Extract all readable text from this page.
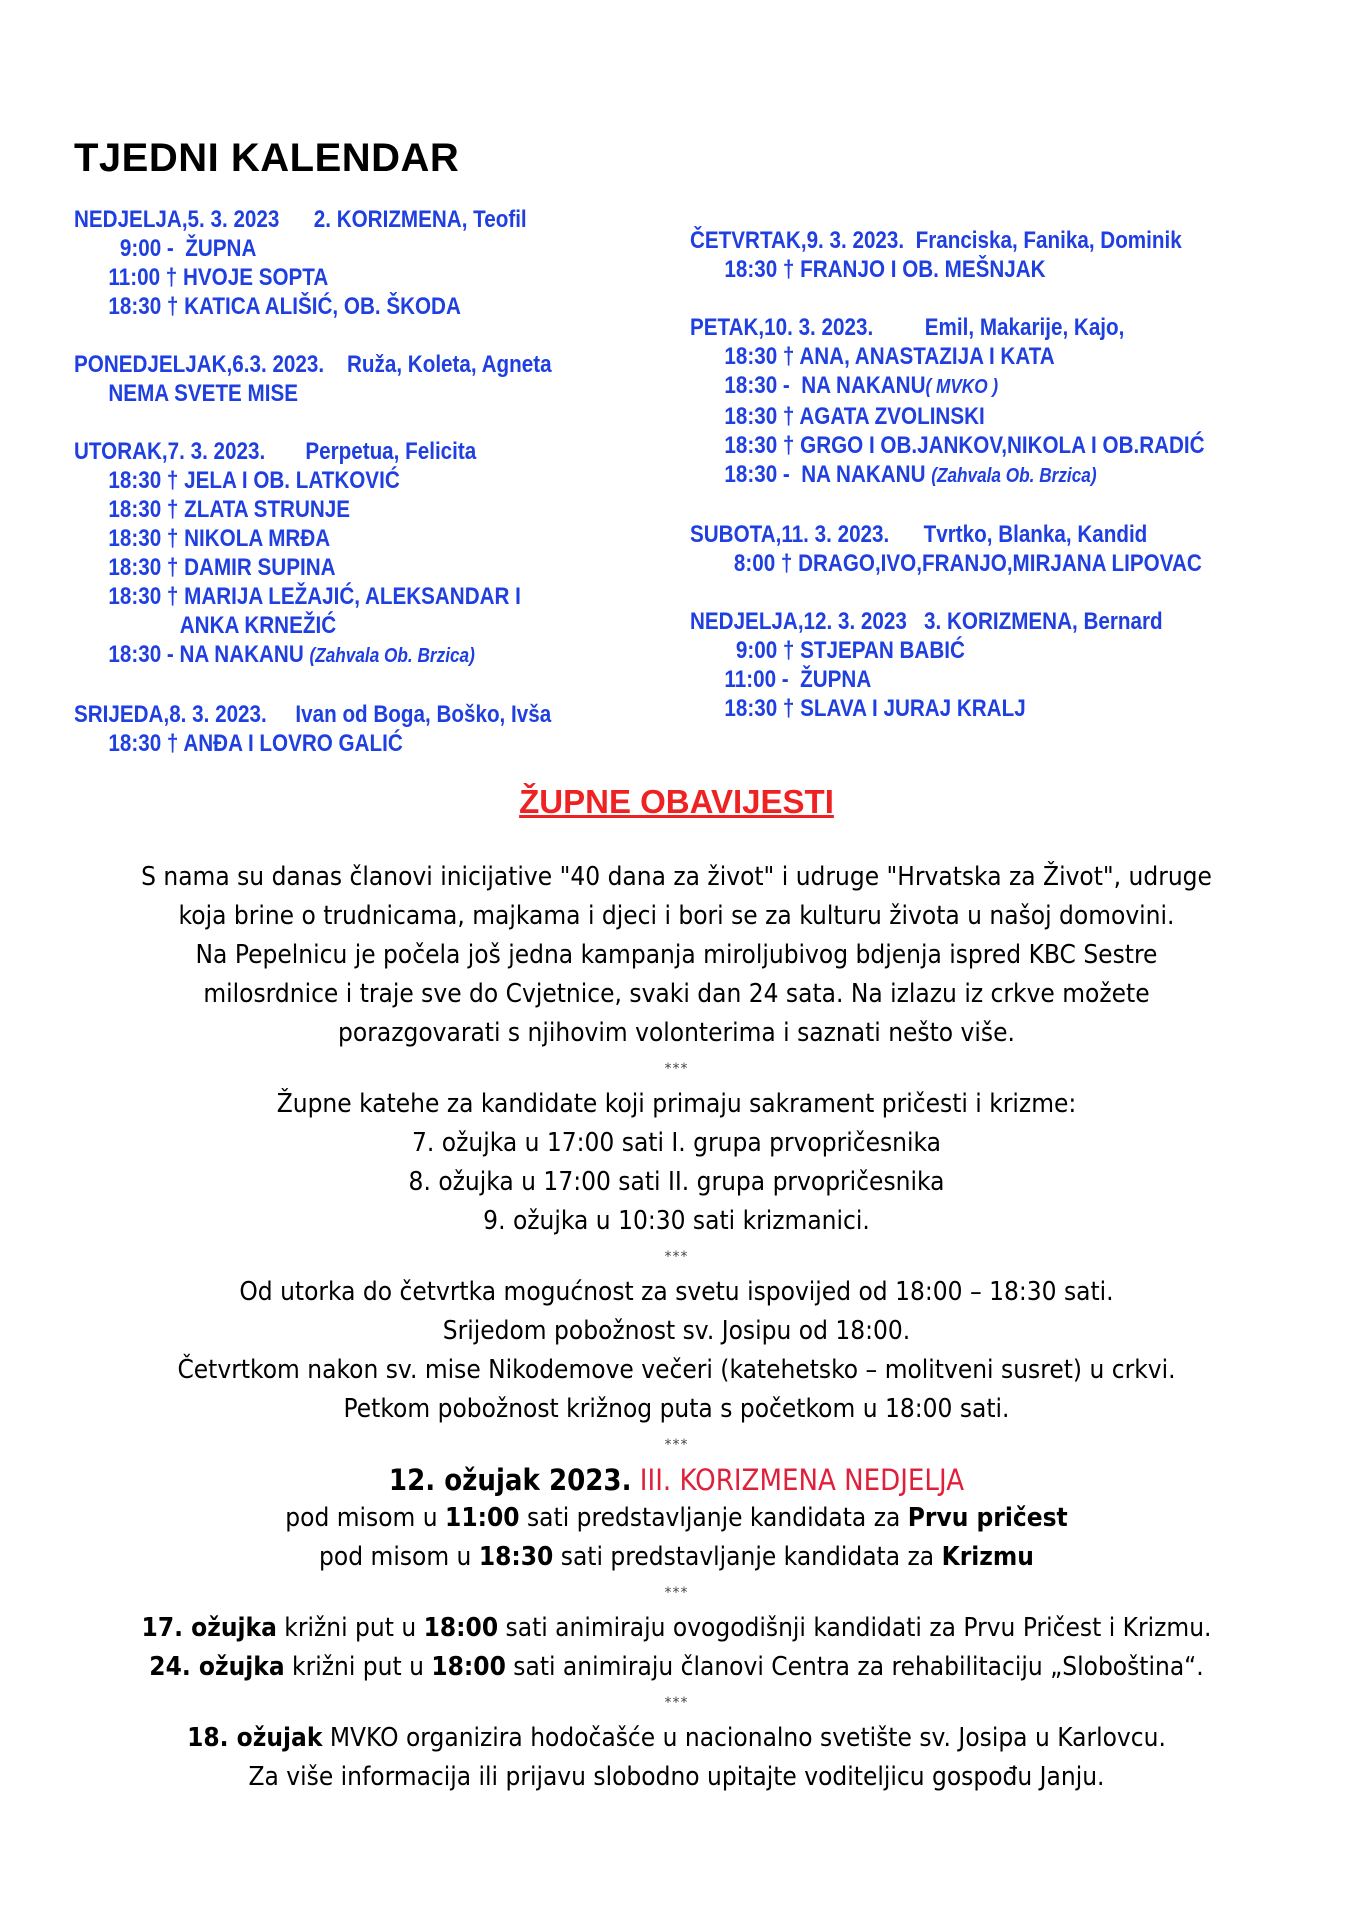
TJEDNI KALENDAR
NEDJELJA,5. 3. 2023      2. KORIZMENA, Teofil
9:00 -  ŽUPNA
11:00 † HVOJE SOPTA
18:30 † KATICA ALIŠIĆ, OB. ŠKODA
PONEDJELJAK,6.3. 2023.    Ruža, Koleta, Agneta
NEMA SVETE MISE
UTORAK,7. 3. 2023.       Perpetua, Felicita
18:30 † JELA I OB. LATKOVIĆ
18:30 † ZLATA STRUNJE
18:30 † NIKOLA MRĐA
18:30 † DAMIR SUPINA
18:30 † MARIJA LEŽAJIĆ, ALEKSANDAR I
ANKA KRNEŽIĆ
18:30 - NA NAKANU (Zahvala Ob. Brzica)
SRIJEDA,8. 3. 2023.     Ivan od Boga, Boško, Ivša
18:30 † ANĐA I LOVRO GALIĆ
ČETVRTAK,9. 3. 2023.  Franciska, Fanika, Dominik
18:30 † FRANJO I OB. MEŠNJAK
PETAK,10. 3. 2023.         Emil, Makarije, Kajo,
18:30 † ANA, ANASTAZIJA I KATA
18:30 -  NA NAKANU( MVKO )
18:30 † AGATA ZVOLINSKI
18:30 † GRGO I OB.JANKOV,NIKOLA I OB.RADIĆ
18:30 -  NA NAKANU (Zahvala Ob. Brzica)
SUBOTA,11. 3. 2023.      Tvrtko, Blanka, Kandid
8:00 † DRAGO,IVO,FRANJO,MIRJANA LIPOVAC
NEDJELJA,12. 3. 2023   3. KORIZMENA, Bernard
9:00 † STJEPAN BABIĆ
11:00 -  ŽUPNA
18:30 † SLAVA I JURAJ KRALJ
ŽUPNE OBAVIJESTI
S nama su danas članovi inicijative "40 dana za život" i udruge "Hrvatska za Život", udruge
koja brine o trudnicama, majkama i djeci i bori se za kulturu života u našoj domovini.
Na Pepelnicu je počela još jedna kampanja miroljubivog bdjenja ispred KBC Sestre
milosrdnice i traje sve do Cvjetnice, svaki dan 24 sata. Na izlazu iz crkve možete
porazgovarati s njihovim volonterima i saznati nešto više.
***
Župne katehe za kandidate koji primaju sakrament pričesti i krizme:
7. ožujka u 17:00 sati I. grupa prvopričesnika
8. ožujka u 17:00 sati II. grupa prvopričesnika
9. ožujka u 10:30 sati krizmanici.
***
Od utorka do četvrtka mogućnost za svetu ispovijed od 18:00 – 18:30 sati.
Srijedom pobožnost sv. Josipu od 18:00.
Četvrtkom nakon sv. mise Nikodemove večeri (katehetsko – molitveni susret) u crkvi.
Petkom pobožnost križnog puta s početkom u 18:00 sati.
***
12. ožujak 2023. III. KORIZMENA NEDJELJA
pod misom u 11:00 sati predstavljanje kandidata za Prvu pričest
pod misom u 18:30 sati predstavljanje kandidata za Krizmu
***
17. ožujka križni put u 18:00 sati animiraju ovogodišnji kandidati za Prvu Pričest i Krizmu.
24. ožujka križni put u 18:00 sati animiraju članovi Centra za rehabilitaciju „Sloboština“.
***
18. ožujak MVKO organizira hodočašće u nacionalno svetište sv. Josipa u Karlovcu.
Za više informacija ili prijavu slobodno upitajte voditeljicu gospođu Janju.
